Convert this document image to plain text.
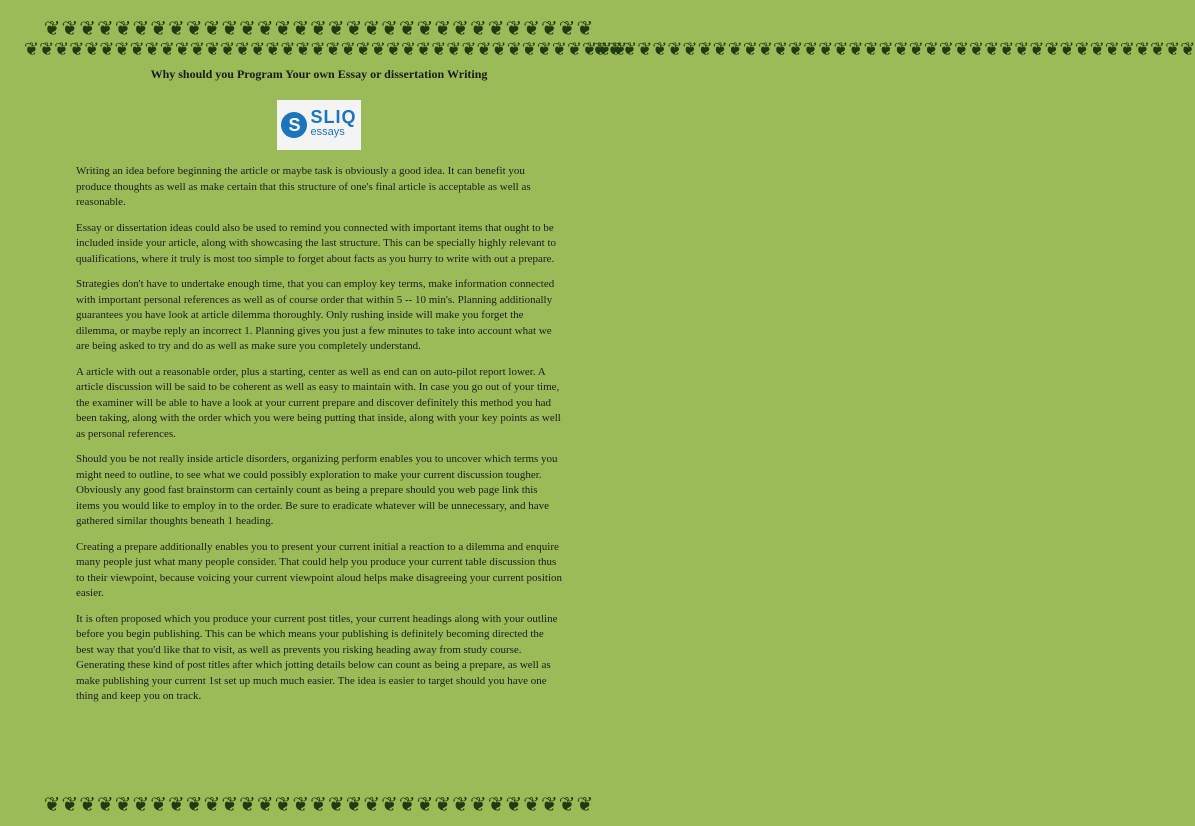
❦❦❦❦❦❦❦❦❦❦❦❦❦❦❦❦❦❦❦❦❦❦❦❦❦❦❦❦❦❦❦
❦❦❦❦❦❦❦❦❦❦❦❦❦❦❦❦❦❦❦❦❦❦❦❦❦❦❦❦❦❦❦❦❦❦❦❦❦❦❦❦
❦❦❦❦❦❦❦❦❦❦❦❦❦❦❦❦❦❦❦❦❦❦❦❦❦❦❦❦❦❦❦❦❦❦❦❦❦❦❦❦
❦❦❦❦❦❦❦❦❦❦❦❦❦❦❦❦❦❦❦❦❦❦❦❦❦❦❦❦❦❦❦
Why should you Program Your own Essay or dissertation Writing
S SLIQ
essays

Writing an idea before beginning the article or maybe task is obviously a good idea. It can benefit you produce thoughts as well as make certain that this structure of one's final article is acceptable as well as reasonable.

Essay or dissertation ideas could also be used to remind you connected with important items that ought to be included inside your article, along with showcasing the last structure. This can be specially highly relevant to qualifications, where it truly is most too simple to forget about facts as you hurry to write with out a prepare.

Strategies don't have to undertake enough time, that you can employ key terms, make information connected with important personal references as well as of course order that within 5 -- 10 min's. Planning additionally guarantees you have look at article dilemma thoroughly. Only rushing inside will make you forget the dilemma, or maybe reply an incorrect 1. Planning gives you just a few minutes to take into account what we are being asked to try and do as well as make sure you completely understand.

A article with out a reasonable order, plus a starting, center as well as end can on auto-pilot report lower. A article discussion will be said to be coherent as well as easy to maintain with. In case you go out of your time, the examiner will be able to have a look at your current prepare and discover definitely this method you had been taking, along with the order which you were being putting that inside, along with your key points as well as personal references.

Should you be not really inside article disorders, organizing perform enables you to uncover which terms you might need to outline, to see what we could possibly exploration to make your current discussion tougher. Obviously any good fast brainstorm can certainly count as being a prepare should you web page link this items you would like to employ in to the order. Be sure to eradicate whatever will be unnecessary, and have gathered similar thoughts beneath 1 heading.

Creating a prepare additionally enables you to present your current initial a reaction to a dilemma and enquire many people just what many people consider. That could help you produce your current table discussion thus to their viewpoint, because voicing your current viewpoint aloud helps make disagreeing your current position easier.

It is often proposed which you produce your current post titles, your current headings along with your outline before you begin publishing. This can be which means your publishing is definitely becoming directed the best way that you'd like that to visit, as well as prevents you risking heading away from study course. Generating these kind of post titles after which jotting details below can count as being a prepare, as well as make publishing your current 1st set up much much easier. The idea is easier to target should you have one thing and keep you on track.
